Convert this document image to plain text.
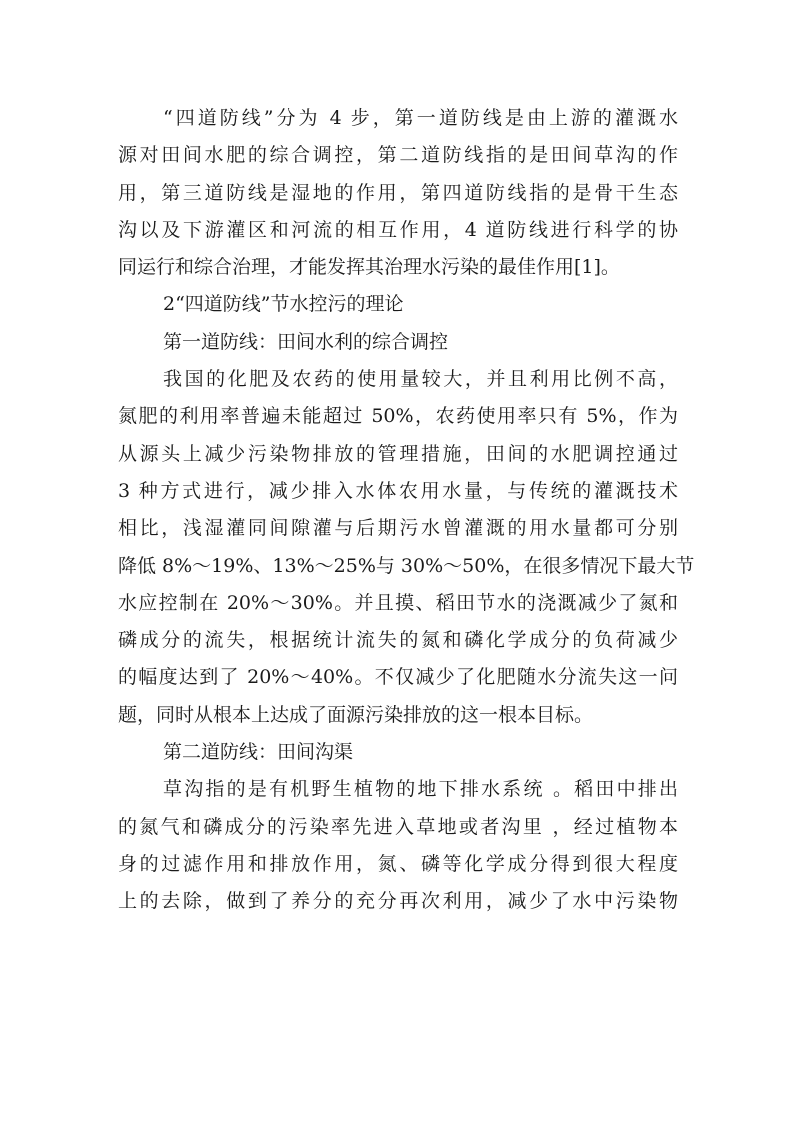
“四道防线”分为 4 步，第一道防线是由上游的灌溉水
源对田间水肥的综合调控，第二道防线指的是田间草沟的作
用，第三道防线是湿地的作用，第四道防线指的是骨干生态
沟以及下游灌区和河流的相互作用，4 道防线进行科学的协
同运行和综合治理，才能发挥其治理水污染的最佳作用[1]。
2“四道防线”节水控污的理论
第一道防线：田间水利的综合调控
我国的化肥及农药的使用量较大，并且利用比例不高，
氮肥的利用率普遍未能超过 50%，农药使用率只有 5%，作为
从源头上减少污染物排放的管理措施，田间的水肥调控通过
3 种方式进行，减少排入水体农用水量，与传统的灌溉技术
相比，浅湿灌同间隙灌与后期污水曾灌溉的用水量都可分别
降低 8%～19%、13%～25%与 30%～50%，在很多情况下最大节
水应控制在 20%～30%。并且摸、稻田节水的浇溉减少了氮和
磷成分的流失，根据统计流失的氮和磷化学成分的负荷减少
的幅度达到了 20%～40%。不仅减少了化肥随水分流失这一问
题，同时从根本上达成了面源污染排放的这一根本目标。
第二道防线：田间沟渠
草沟指的是有机野生植物的地下排水系统 。稻田中排出
的氮气和磷成分的污染率先进入草地或者沟里 ，经过植物本
身的过滤作用和排放作用，氮、磷等化学成分得到很大程度
上的去除，做到了养分的充分再次利用，减少了水中污染物
